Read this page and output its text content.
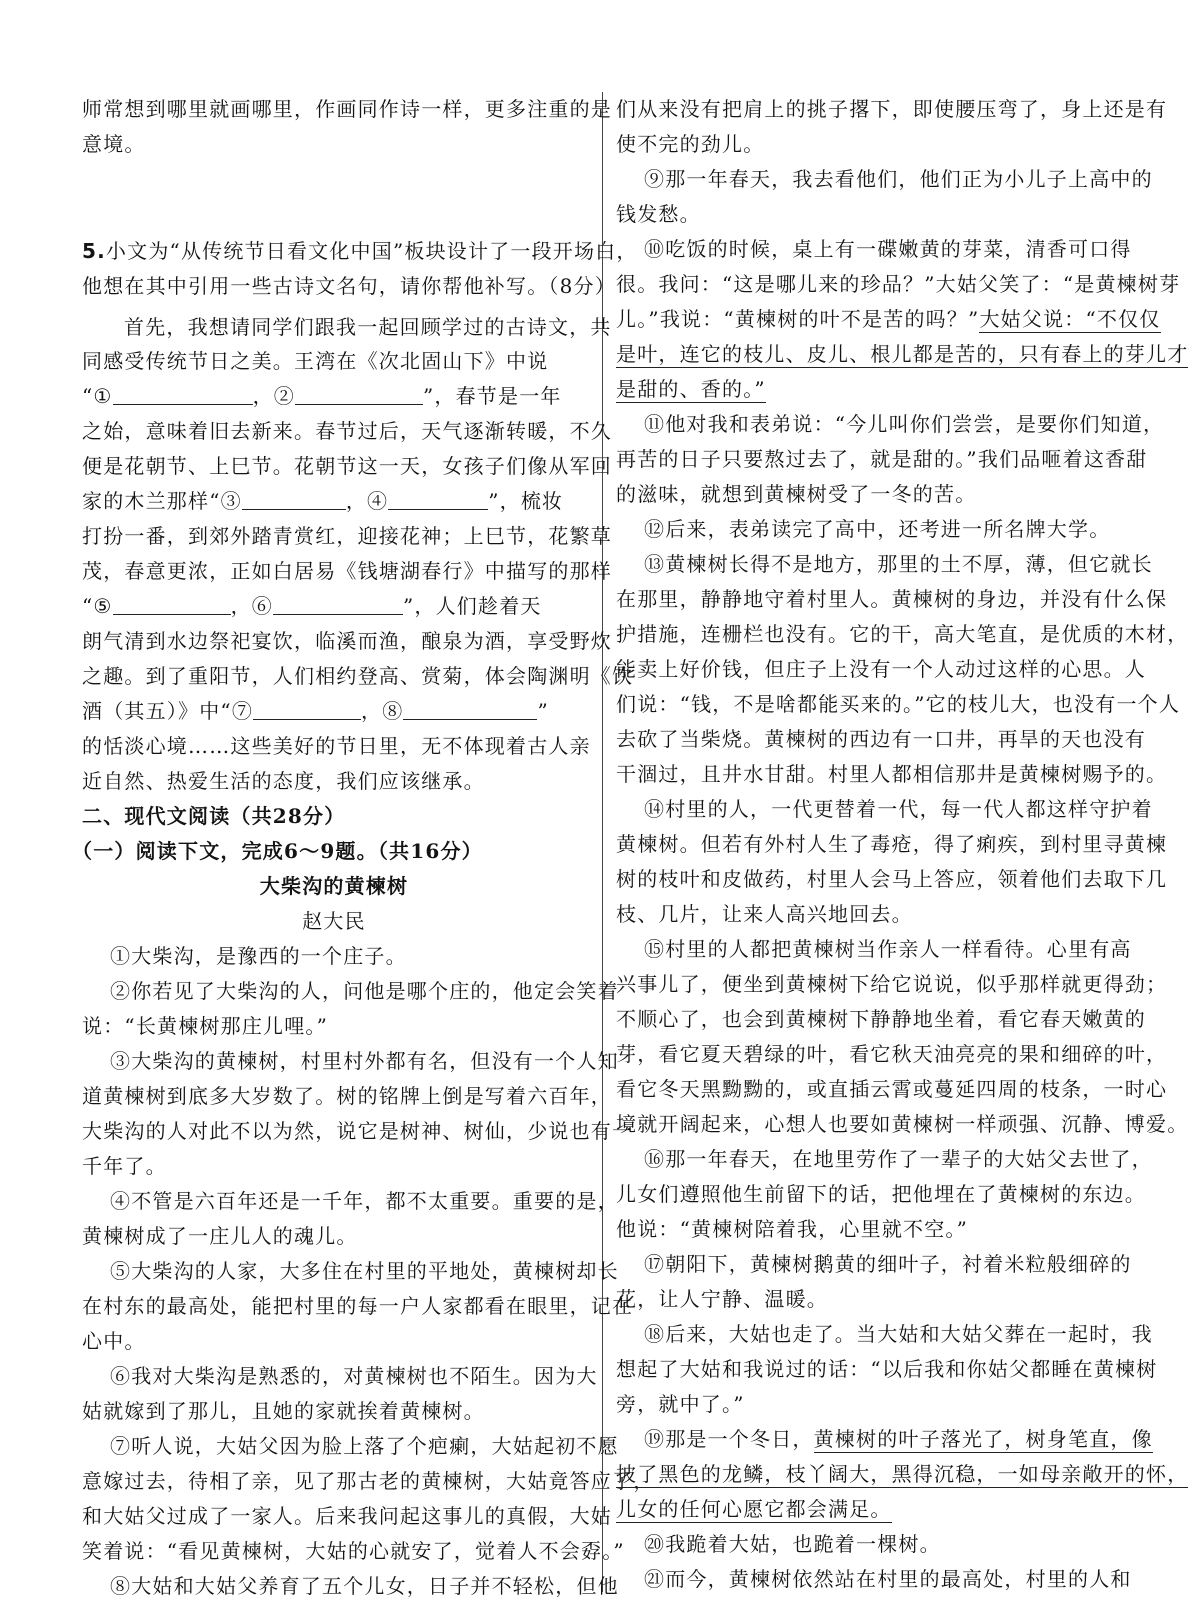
师常想到哪里就画哪里，作画同作诗一样，更多注重的是
意境。
5.小文为“从传统节日看文化中国”板块设计了一段开场白，
他想在其中引用一些古诗文名句，请你帮他补写。（8分）
首先，我想请同学们跟我一起回顾学过的古诗文，共
同感受传统节日之美。王湾在《次北固山下》中说
“①	，②	”，春节是一年
之始，意味着旧去新来。春节过后，天气逐渐转暖，不久
便是花朝节、上巳节。花朝节这一天，女孩子们像从军回
家的木兰那样“③	，④	”，梳妆
打扮一番，到郊外踏青赏红，迎接花神；上巳节，花繁草
茂，春意更浓，正如白居易《钱塘湖春行》中描写的那样
“⑤	，⑥	”，人们趁着天
朗气清到水边祭祀宴饮，临溪而渔，酿泉为酒，享受野炊
之趣。到了重阳节，人们相约登高、赏菊，体会陶渊明《饮
酒（其五）》中“⑦	，⑧	”
的恬淡心境……这些美好的节日里，无不体现着古人亲
近自然、热爱生活的态度，我们应该继承。
二、现代文阅读（共28分）
（一）阅读下文，完成6～9题。（共16分）
大柴沟的黄楝树
赵大民
①大柴沟，是豫西的一个庄子。
②你若见了大柴沟的人，问他是哪个庄的，他定会笑着
说：“长黄楝树那庄儿哩。”
③大柴沟的黄楝树，村里村外都有名，但没有一个人知
道黄楝树到底多大岁数了。树的铭牌上倒是写着六百年，
大柴沟的人对此不以为然，说它是树神、树仙，少说也有一
千年了。
④不管是六百年还是一千年，都不太重要。重要的是，
黄楝树成了一庄儿人的魂儿。
⑤大柴沟的人家，大多住在村里的平地处，黄楝树却长
在村东的最高处，能把村里的每一户人家都看在眼里，记在
心中。
⑥我对大柴沟是熟悉的，对黄楝树也不陌生。因为大
姑就嫁到了那儿，且她的家就挨着黄楝树。
⑦听人说，大姑父因为脸上落了个疤瘌，大姑起初不愿
意嫁过去，待相了亲，见了那古老的黄楝树，大姑竟答应了，
和大姑父过成了一家人。后来我问起这事儿的真假，大姑
笑着说：“看见黄楝树，大姑的心就安了，觉着人不会孬。”
⑧大姑和大姑父养育了五个儿女，日子并不轻松，但他
们从来没有把肩上的挑子撂下，即使腰压弯了，身上还是有
使不完的劲儿。
⑨那一年春天，我去看他们，他们正为小儿子上高中的
钱发愁。
⑩吃饭的时候，桌上有一碟嫩黄的芽菜，清香可口得
很。我问：“这是哪儿来的珍品？”大姑父笑了：“是黄楝树芽
儿。”我说：“黄楝树的叶不是苦的吗？”大姑父说：“不仅仅
是叶，连它的枝儿、皮儿、根儿都是苦的，只有春上的芽儿才
是甜的、香的。”
⑪他对我和表弟说：“今儿叫你们尝尝，是要你们知道，
再苦的日子只要熬过去了，就是甜的。”我们品咂着这香甜
的滋味，就想到黄楝树受了一冬的苦。
⑫后来，表弟读完了高中，还考进一所名牌大学。
⑬黄楝树长得不是地方，那里的土不厚，薄，但它就长
在那里，静静地守着村里人。黄楝树的身边，并没有什么保
护措施，连栅栏也没有。它的干，高大笔直，是优质的木材，
能卖上好价钱，但庄子上没有一个人动过这样的心思。人
们说：“钱，不是啥都能买来的。”它的枝儿大，也没有一个人
去砍了当柴烧。黄楝树的西边有一口井，再旱的天也没有
干涸过，且井水甘甜。村里人都相信那井是黄楝树赐予的。
⑭村里的人，一代更替着一代，每一代人都这样守护着
黄楝树。但若有外村人生了毒疮，得了痢疾，到村里寻黄楝
树的枝叶和皮做药，村里人会马上答应，领着他们去取下几
枝、几片，让来人高兴地回去。
⑮村里的人都把黄楝树当作亲人一样看待。心里有高
兴事儿了，便坐到黄楝树下给它说说，似乎那样就更得劲；
不顺心了，也会到黄楝树下静静地坐着，看它春天嫩黄的
芽，看它夏天碧绿的叶，看它秋天油亮亮的果和细碎的叶，
看它冬天黑黝黝的，或直插云霄或蔓延四周的枝条，一时心
境就开阔起来，心想人也要如黄楝树一样顽强、沉静、博爱。
⑯那一年春天，在地里劳作了一辈子的大姑父去世了，
儿女们遵照他生前留下的话，把他埋在了黄楝树的东边。
他说：“黄楝树陪着我，心里就不空。”
⑰朝阳下，黄楝树鹅黄的细叶子，衬着米粒般细碎的
花，让人宁静、温暖。
⑱后来，大姑也走了。当大姑和大姑父葬在一起时，我
想起了大姑和我说过的话：“以后我和你姑父都睡在黄楝树
旁，就中了。”
⑲那是一个冬日，黄楝树的叶子落光了，树身笔直，像
披了黑色的龙鳞，枝丫阔大，黑得沉稳，一如母亲敞开的怀，
儿女的任何心愿它都会满足。
⑳我跪着大姑，也跪着一棵树。
㉑而今，黄楝树依然站在村里的最高处，村里的人和
